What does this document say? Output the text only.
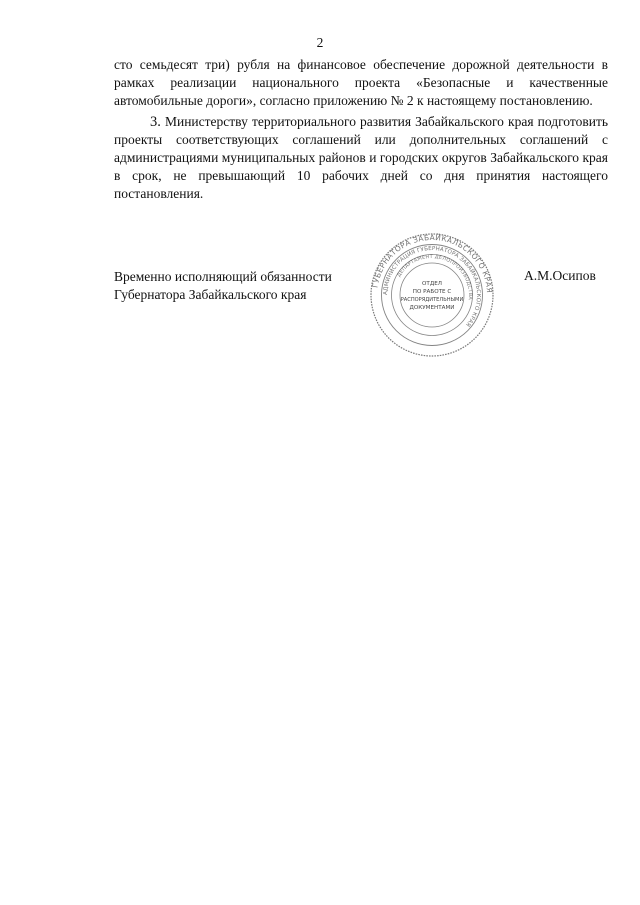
2

сто семьдесят три) рубля на финансовое обеспечение дорожной деятельности в рамках реализации национального проекта «Безопасные и качественные автомобильные дороги», согласно приложению № 2 к настоящему постановлению.

3. Министерству территориального развития Забайкальского края подготовить проекты соответствующих соглашений или дополнительных соглашений с администрациями муниципальных районов и городских округов Забайкальского края в срок, не превышающий 10 рабочих дней со дня принятия настоящего постановления.

Временно исполняющий обязанности
Губернатора Забайкальского края
А.М.Осипов
ГУБЕРНАТОРА ЗАБАЙКАЛЬСКОГО КРАЯ
АДМИНИСТРАЦИЯ ГУБЕРНАТОРА ЗАБАЙКАЛЬСКОГО КРАЯ
ДЕПАРТАМЕНТ ДЕЛОПРОИЗВОДСТВА
ОТДЕЛ
ПО РАБОТЕ С
РАСПОРЯДИТЕЛЬНЫМИ
ДОКУМЕНТАМИ
